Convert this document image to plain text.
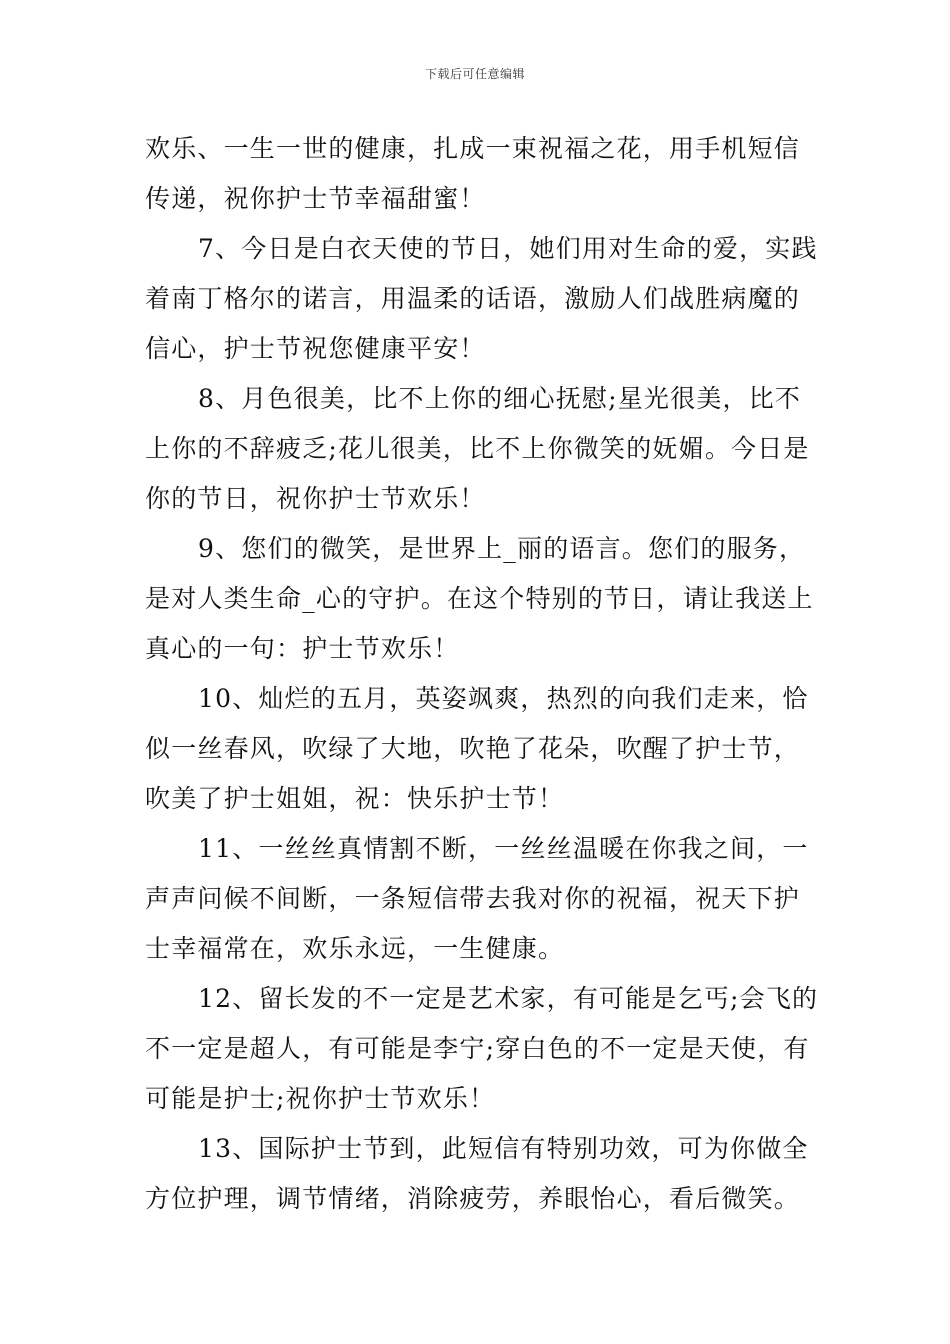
下载后可任意编辑
欢乐、一生一世的健康，扎成一束祝福之花，用手机短信
传递，祝你护士节幸福甜蜜！
7、今日是白衣天使的节日，她们用对生命的爱，实践
着南丁格尔的诺言，用温柔的话语，激励人们战胜病魔的
信心，护士节祝您健康平安！
8、月色很美，比不上你的细心抚慰;星光很美，比不
上你的不辞疲乏;花儿很美，比不上你微笑的妩媚。今日是
你的节日，祝你护士节欢乐！
9、您们的微笑，是世界上_丽的语言。您们的服务，
是对人类生命_心的守护。在这个特别的节日，请让我送上
真心的一句：护士节欢乐！
10、灿烂的五月，英姿飒爽，热烈的向我们走来，恰
似一丝春风，吹绿了大地，吹艳了花朵，吹醒了护士节，
吹美了护士姐姐，祝：快乐护士节！
11、一丝丝真情割不断，一丝丝温暖在你我之间，一
声声问候不间断，一条短信带去我对你的祝福，祝天下护
士幸福常在，欢乐永远，一生健康。
12、留长发的不一定是艺术家，有可能是乞丐;会飞的
不一定是超人，有可能是李宁;穿白色的不一定是天使，有
可能是护士;祝你护士节欢乐！
13、国际护士节到，此短信有特别功效，可为你做全
方位护理，调节情绪，消除疲劳，养眼怡心，看后微笑。
